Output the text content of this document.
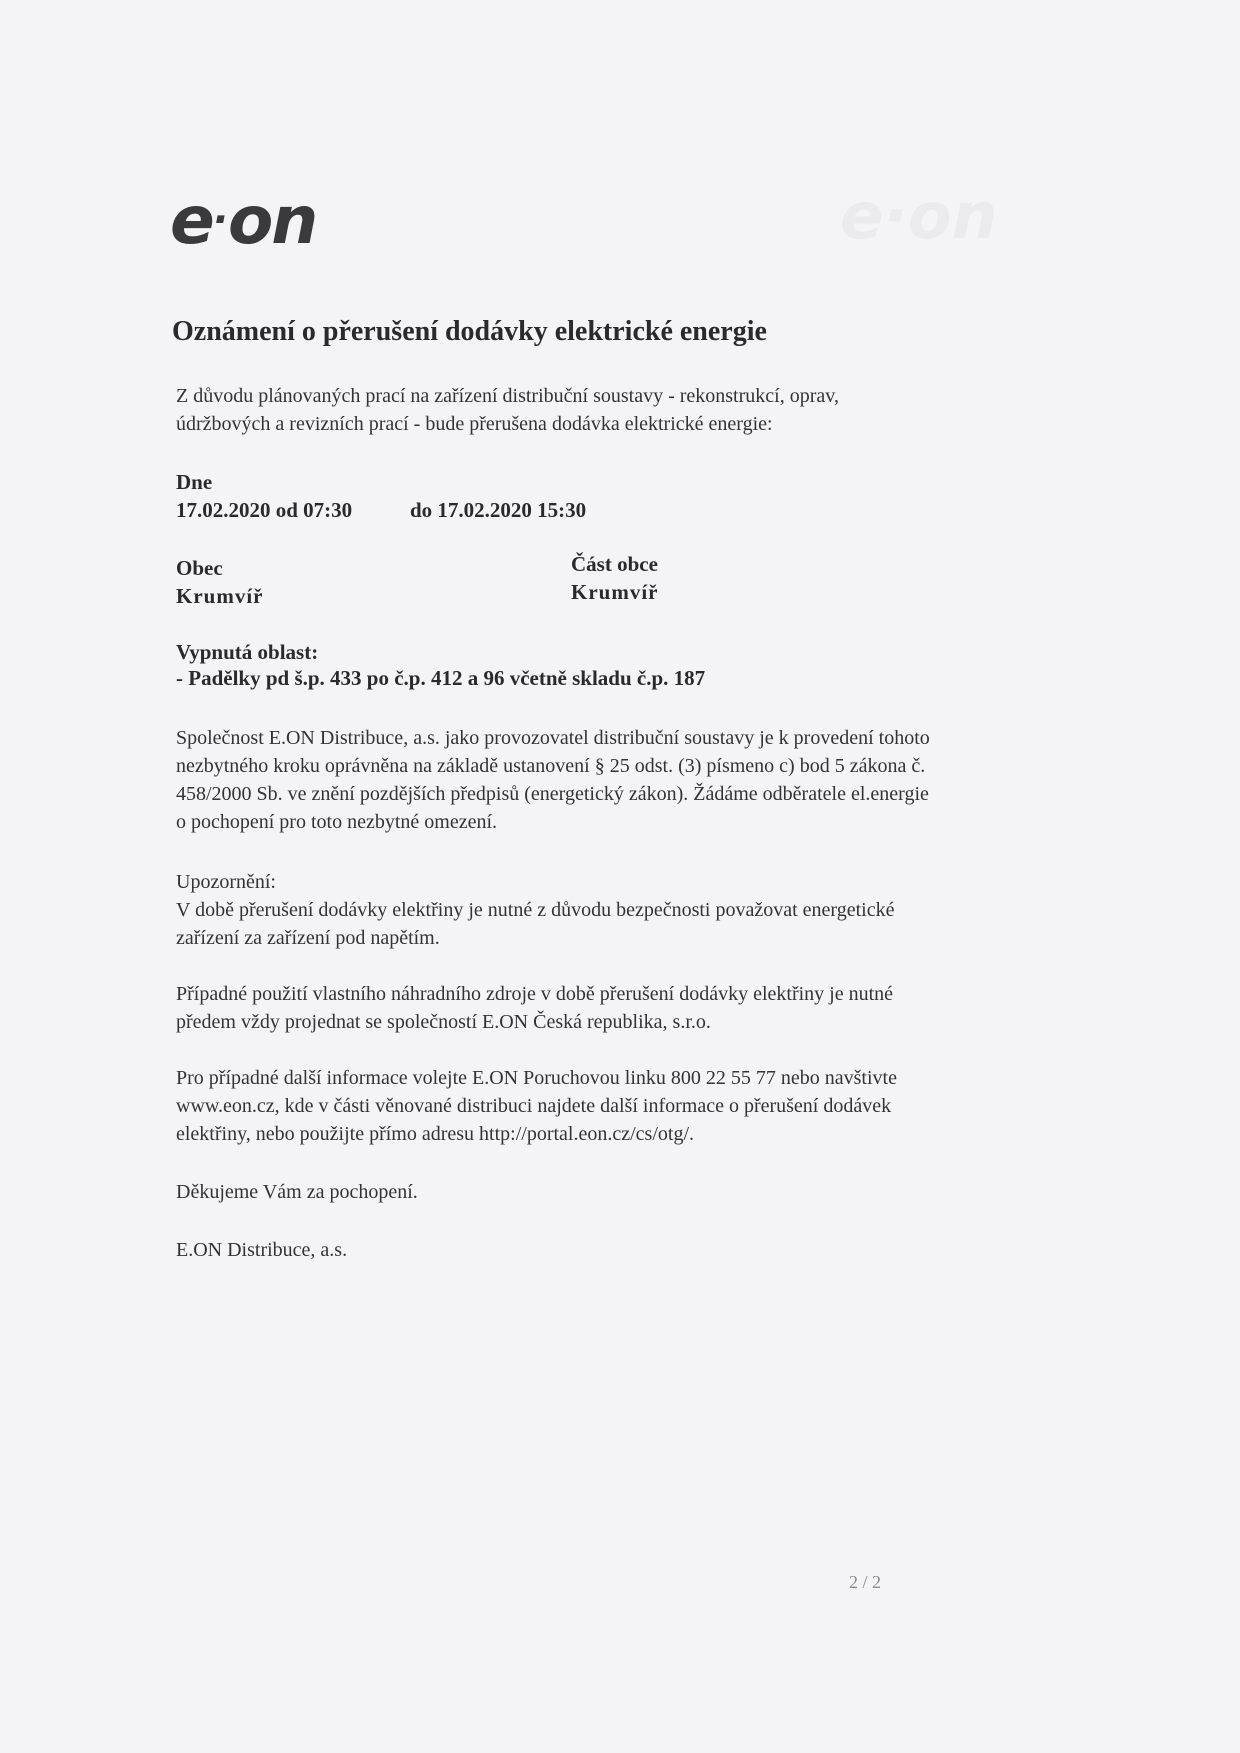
e·on
e·on
Oznámení o přerušení dodávky elektrické energie
Z důvodu plánovaných prací na zařízení distribuční soustavy - rekonstrukcí, oprav,
údržbových a revizních prací - bude přerušena dodávka elektrické energie:
Dne
17.02.2020 od 07:30	do 17.02.2020 15:30
Obec
Krumvíř
Část obce
Krumvíř
Vypnutá oblast:
- Padělky pd š.p. 433 po č.p. 412 a 96 včetně skladu č.p. 187
Společnost E.ON Distribuce, a.s. jako provozovatel distribuční soustavy je k provedení tohoto
nezbytného kroku oprávněna na základě ustanovení § 25 odst. (3) písmeno c) bod 5 zákona č.
458/2000 Sb. ve znění pozdějších předpisů (energetický zákon). Žádáme odběratele el.energie
o pochopení pro toto nezbytné omezení.
Upozornění:
V době přerušení dodávky elektřiny je nutné z důvodu bezpečnosti považovat energetické
zařízení za zařízení pod napětím.
Případné použití vlastního náhradního zdroje v době přerušení dodávky elektřiny je nutné
předem vždy projednat se společností E.ON Česká republika, s.r.o.
Pro případné další informace volejte E.ON Poruchovou linku 800 22 55 77 nebo navštivte
www.eon.cz, kde v části věnované distribuci najdete další informace o přerušení dodávek
elektřiny, nebo použijte přímo adresu http://portal.eon.cz/cs/otg/.
Děkujeme Vám za pochopení.
E.ON Distribuce, a.s.
2 / 2
